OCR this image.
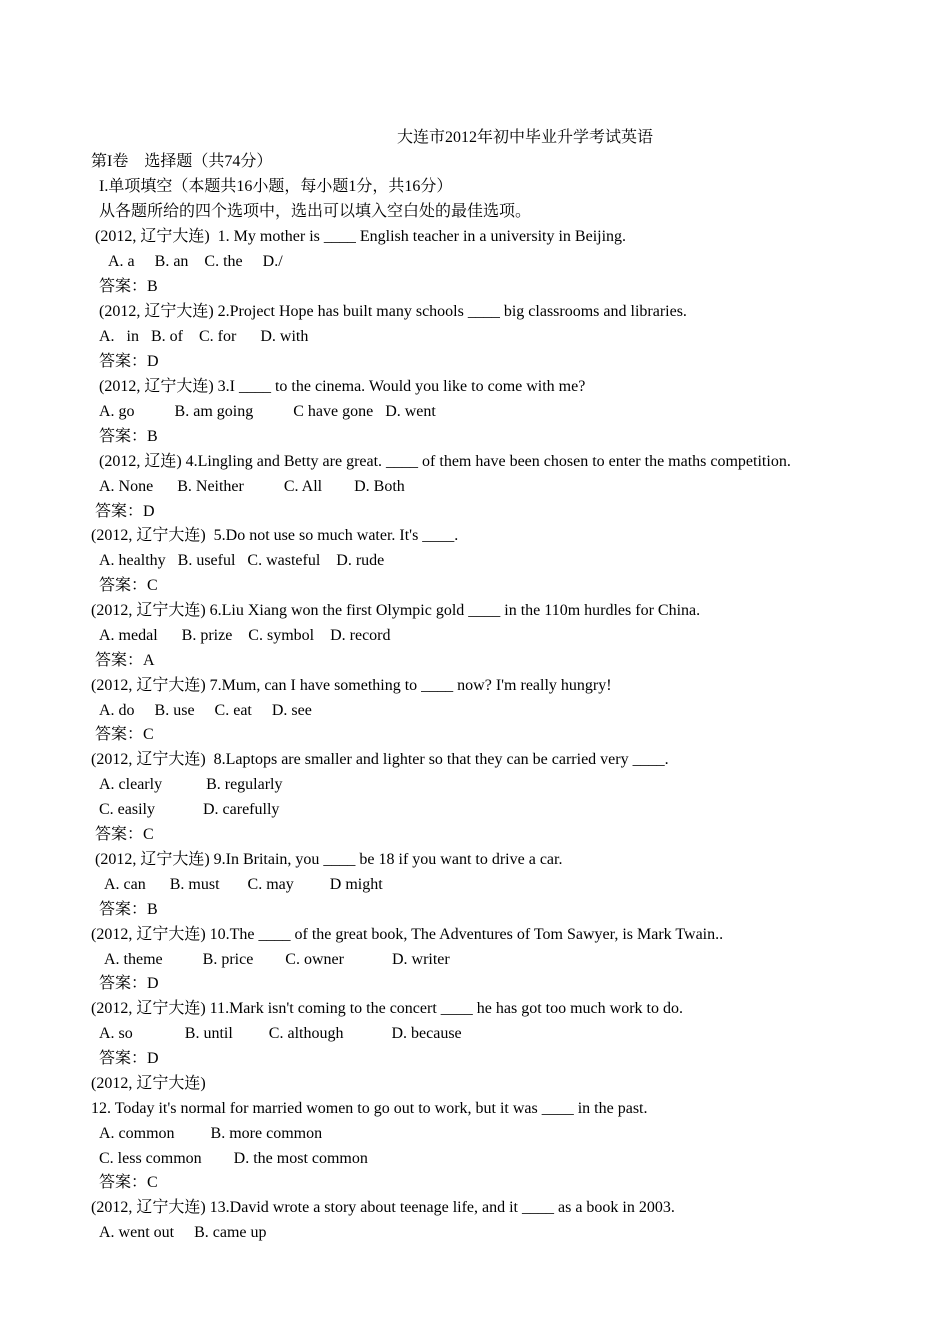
大连市2012年初中毕业升学考试英语
第I卷　选择题（共74分）
I.单项填空（本题共16小题，每小题1分，共16分）
从各题所给的四个选项中，选出可以填入空白处的最佳选项。
(2012, 辽宁大连)  1. My mother is ____ English teacher in a university in Beijing.
A. a     B. an    C. the     D./
答案：B
(2012, 辽宁大连) 2.Project Hope has built many schools ____ big classrooms and libraries.
A.   in   B. of    C. for      D. with
答案：D
(2012, 辽宁大连) 3.I ____ to the cinema. Would you like to come with me?
A. go          B. am going          C have gone   D. went
答案：B
(2012, 辽连) 4.Lingling and Betty are great. ____ of them have been chosen to enter the maths competition.
A. None      B. Neither          C. All        D. Both
答案：D
(2012, 辽宁大连)  5.Do not use so much water. It's ____.
A. healthy   B. useful   C. wasteful    D. rude
答案：C
(2012, 辽宁大连) 6.Liu Xiang won the first Olympic gold ____ in the 110m hurdles for China.
A. medal      B. prize    C. symbol    D. record
答案：A
(2012, 辽宁大连) 7.Mum, can I have something to ____ now? I'm really hungry!
A. do     B. use     C. eat     D. see
答案：C
(2012, 辽宁大连)  8.Laptops are smaller and lighter so that they can be carried very ____.
A. clearly           B. regularly
C. easily            D. carefully
答案：C
(2012, 辽宁大连) 9.In Britain, you ____ be 18 if you want to drive a car.
A. can      B. must       C. may         D might
答案：B
(2012, 辽宁大连) 10.The ____ of the great book, The Adventures of Tom Sawyer, is Mark Twain..
A. theme          B. price        C. owner            D. writer
答案：D
(2012, 辽宁大连) 11.Mark isn't coming to the concert ____ he has got too much work to do.
A. so             B. until         C. although            D. because
答案：D
(2012, 辽宁大连)
12. Today it's normal for married women to go out to work, but it was ____ in the past.
A. common         B. more common
C. less common        D. the most common
答案：C
(2012, 辽宁大连) 13.David wrote a story about teenage life, and it ____ as a book in 2003.
A. went out     B. came up
